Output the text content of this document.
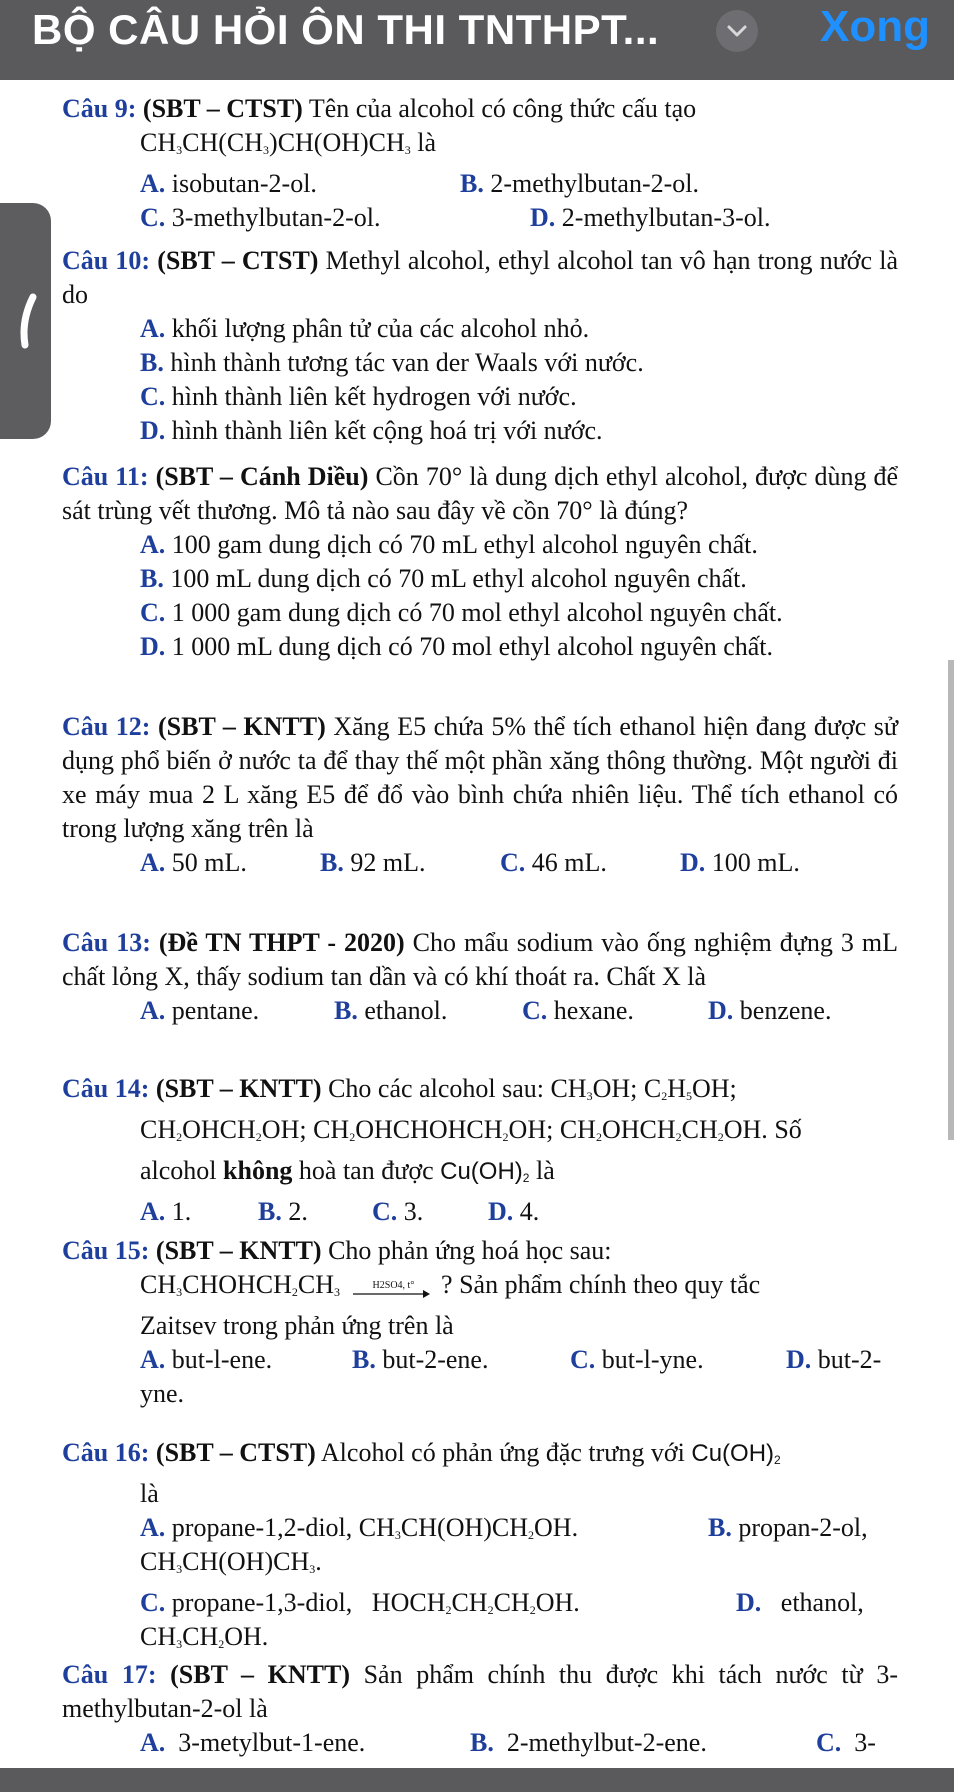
BỘ CÂU HỎI ÔN THI TNTHPT...	Xong
Câu 9: (SBT – CTST) Tên của alcohol có công thức cấu tạo
$CH_3CH(CH_3)CH(OH)CH_3$ là
A. isobutan-2-ol.	B. 2-methylbutan-2-ol.
C. 3-methylbutan-2-ol.	D. 2-methylbutan-3-ol.
Câu 10: (SBT – CTST) Methyl alcohol, ethyl alcohol tan vô hạn trong nước là do
A. khối lượng phân tử của các alcohol nhỏ.
B. hình thành tương tác van der Waals với nước.
C. hình thành liên kết hydrogen với nước.
D. hình thành liên kết cộng hoá trị với nước.
Câu 11: (SBT – Cánh Diều) Cồn 70° là dung dịch ethyl alcohol, được dùng để sát trùng vết thương. Mô tả nào sau đây về cồn 70° là đúng?
A. 100 gam dung dịch có 70 mL ethyl alcohol nguyên chất.
B. 100 mL dung dịch có 70 mL ethyl alcohol nguyên chất.
C. 1 000 gam dung dịch có 70 mol ethyl alcohol nguyên chất.
D. 1 000 mL dung dịch có 70 mol ethyl alcohol nguyên chất.
Câu 12: (SBT – KNTT) Xăng E5 chứa 5% thể tích ethanol hiện đang được sử dụng phổ biến ở nước ta để thay thế một phần xăng thông thường. Một người đi xe máy mua 2 L xăng E5 để đổ vào bình chứa nhiên liệu. Thể tích ethanol có trong lượng xăng trên là
A. 50 mL.	B. 92 mL.	C. 46 mL.	D. 100 mL.
Câu 13: (Đề TN THPT - 2020) Cho mẩu sodium vào ống nghiệm đựng 3 mL chất lỏng X, thấy sodium tan dần và có khí thoát ra. Chất X là
A. pentane.	B. ethanol.	C. hexane.	D. benzene.
Câu 14: (SBT – KNTT) Cho các alcohol sau: $CH_3OH$; $C_2H_5OH$;
$CH_2OHCH_2OH$; $CH_2OHCHOHCH_2OH$; $CH_2OHCH_2CH_2OH$. Số
alcohol không hoà tan được $Cu(OH)_2$ là
A. 1.	B. 2. C. 3. D. 4.
Câu 15: (SBT – KNTT) Cho phản ứng hoá học sau:
$CH_3CHOHCH_2CH_3$	H2SO4, t° ? Sản phẩm chính theo quy tắc
Zaitsev trong phản ứng trên là
A. but-l-ene.	B. but-2-ene.	C. but-l-yne.	D. but-2-
yne.
Câu 16: (SBT – CTST) Alcohol có phản ứng đặc trưng với $Cu(OH)_2$
là
A. propane-1,2-diol, $CH_3CH(OH)CH_2OH$.	B. propan-2-ol,
$CH_3CH(OH)CH_3$.
C. propane-1,3-diol,   $HOCH_2CH_2CH_2OH$.	D. ethanol,
$CH_3CH_2OH$.
Câu 17: (SBT – KNTT) Sản phẩm chính thu được khi tách nước từ 3-methylbutan-2-ol là
A. 3-metylbut-1-ene.	B. 2-methylbut-2-ene.	C. 3-
